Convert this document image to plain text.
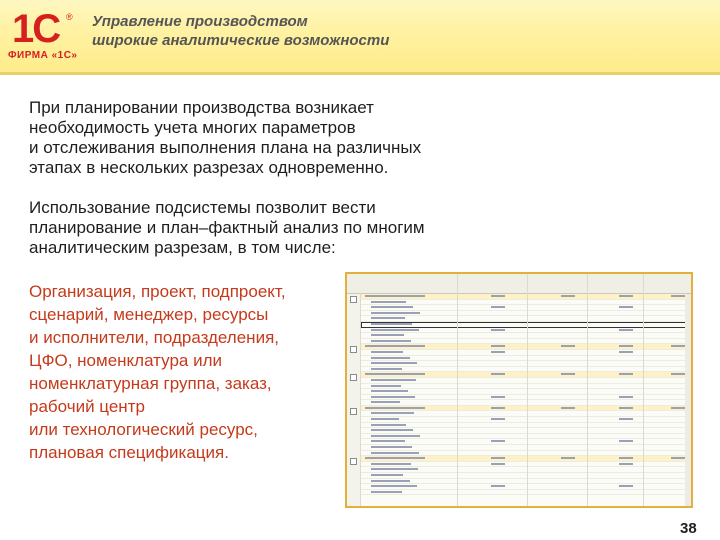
1С ®
ФИРМА «1С»
Управление производством
широкие аналитические возможности
При планировании производства возникает
необходимость учета многих параметров
и отслеживания выполнения плана на различных
этапах в нескольких разрезах одновременно.
Использование подсистемы позволит вести
планирование и план–фактный анализ по многим
аналитическим разрезам, в том числе:
Организация, проект, подпроект,
сценарий, менеджер, ресурсы
и исполнители, подразделения,
ЦФО, номенклатура или
номенклатурная группа, заказ,
рабочий центр
или технологический ресурс,
плановая спецификация.
38
